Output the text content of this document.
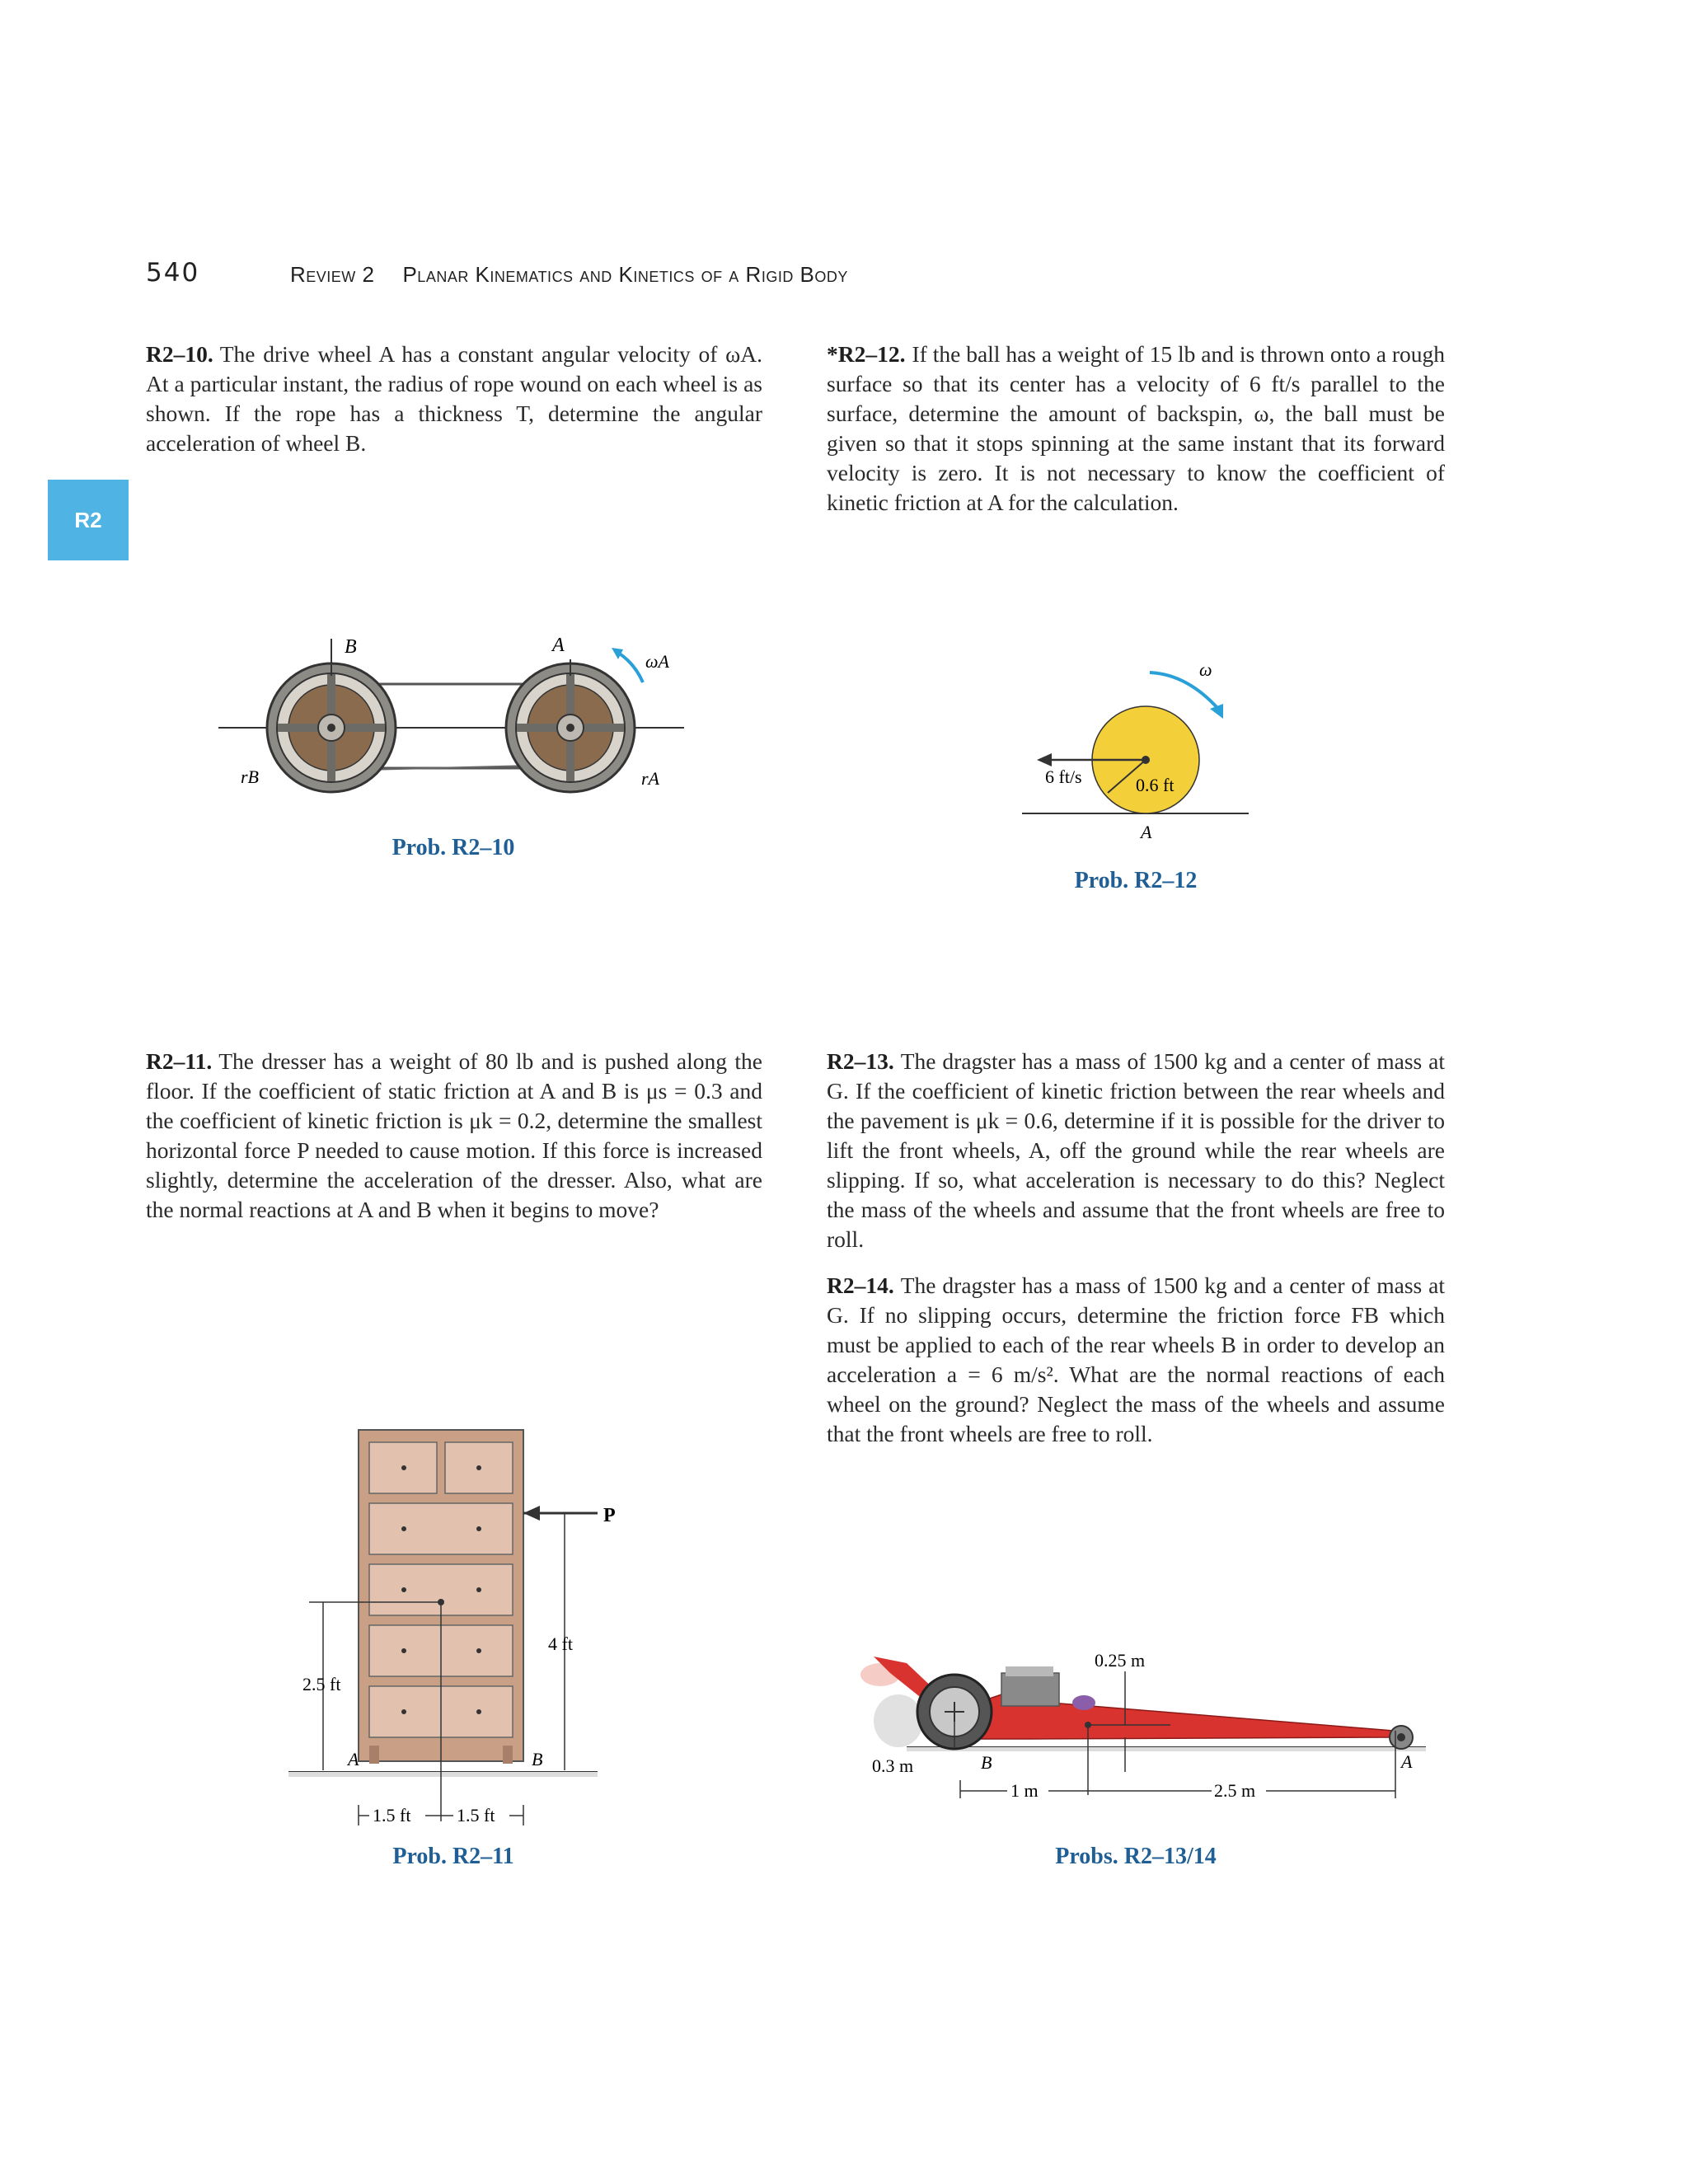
540	Review 2 Planar Kinematics and Kinetics of a Rigid Body
R2
R2–10. The drive wheel A has a constant angular velocity of ωA. At a particular instant, the radius of rope wound on each wheel is as shown. If the rope has a thickness T, determine the angular acceleration of wheel B.
*R2–12. If the ball has a weight of 15 lb and is thrown onto a rough surface so that its center has a velocity of 6 ft/s parallel to the surface, determine the amount of backspin, ω, the ball must be given so that it stops spinning at the same instant that its forward velocity is zero. It is not necessary to know the coefficient of kinetic friction at A for the calculation.
B	A
ωA
rB	rA
Prob. R2–10
ω
6 ft/s	0.6 ft
A
Prob. R2–12
R2–11. The dresser has a weight of 80 lb and is pushed along the floor. If the coefficient of static friction at A and B is μs = 0.3 and the coefficient of kinetic friction is μk = 0.2, determine the smallest horizontal force P needed to cause motion. If this force is increased slightly, determine the acceleration of the dresser. Also, what are the normal reactions at A and B when it begins to move?
R2–13. The dragster has a mass of 1500 kg and a center of mass at G. If the coefficient of kinetic friction between the rear wheels and the pavement is μk = 0.6, determine if it is possible for the driver to lift the front wheels, A, off the ground while the rear wheels are slipping. If so, what acceleration is necessary to do this? Neglect the mass of the wheels and assume that the front wheels are free to roll.
R2–14. The dragster has a mass of 1500 kg and a center of mass at G. If no slipping occurs, determine the friction force FB which must be applied to each of the rear wheels B in order to develop an acceleration a = 6 m/s². What are the normal reactions of each wheel on the ground? Neglect the mass of the wheels and assume that the front wheels are free to roll.
P
4 ft
2.5 ft
A	B
1.5 ft	1.5 ft
Prob. R2–11
G
0.25 m
B	A
0.3 m
1 m	2.5 m
Probs. R2–13/14
